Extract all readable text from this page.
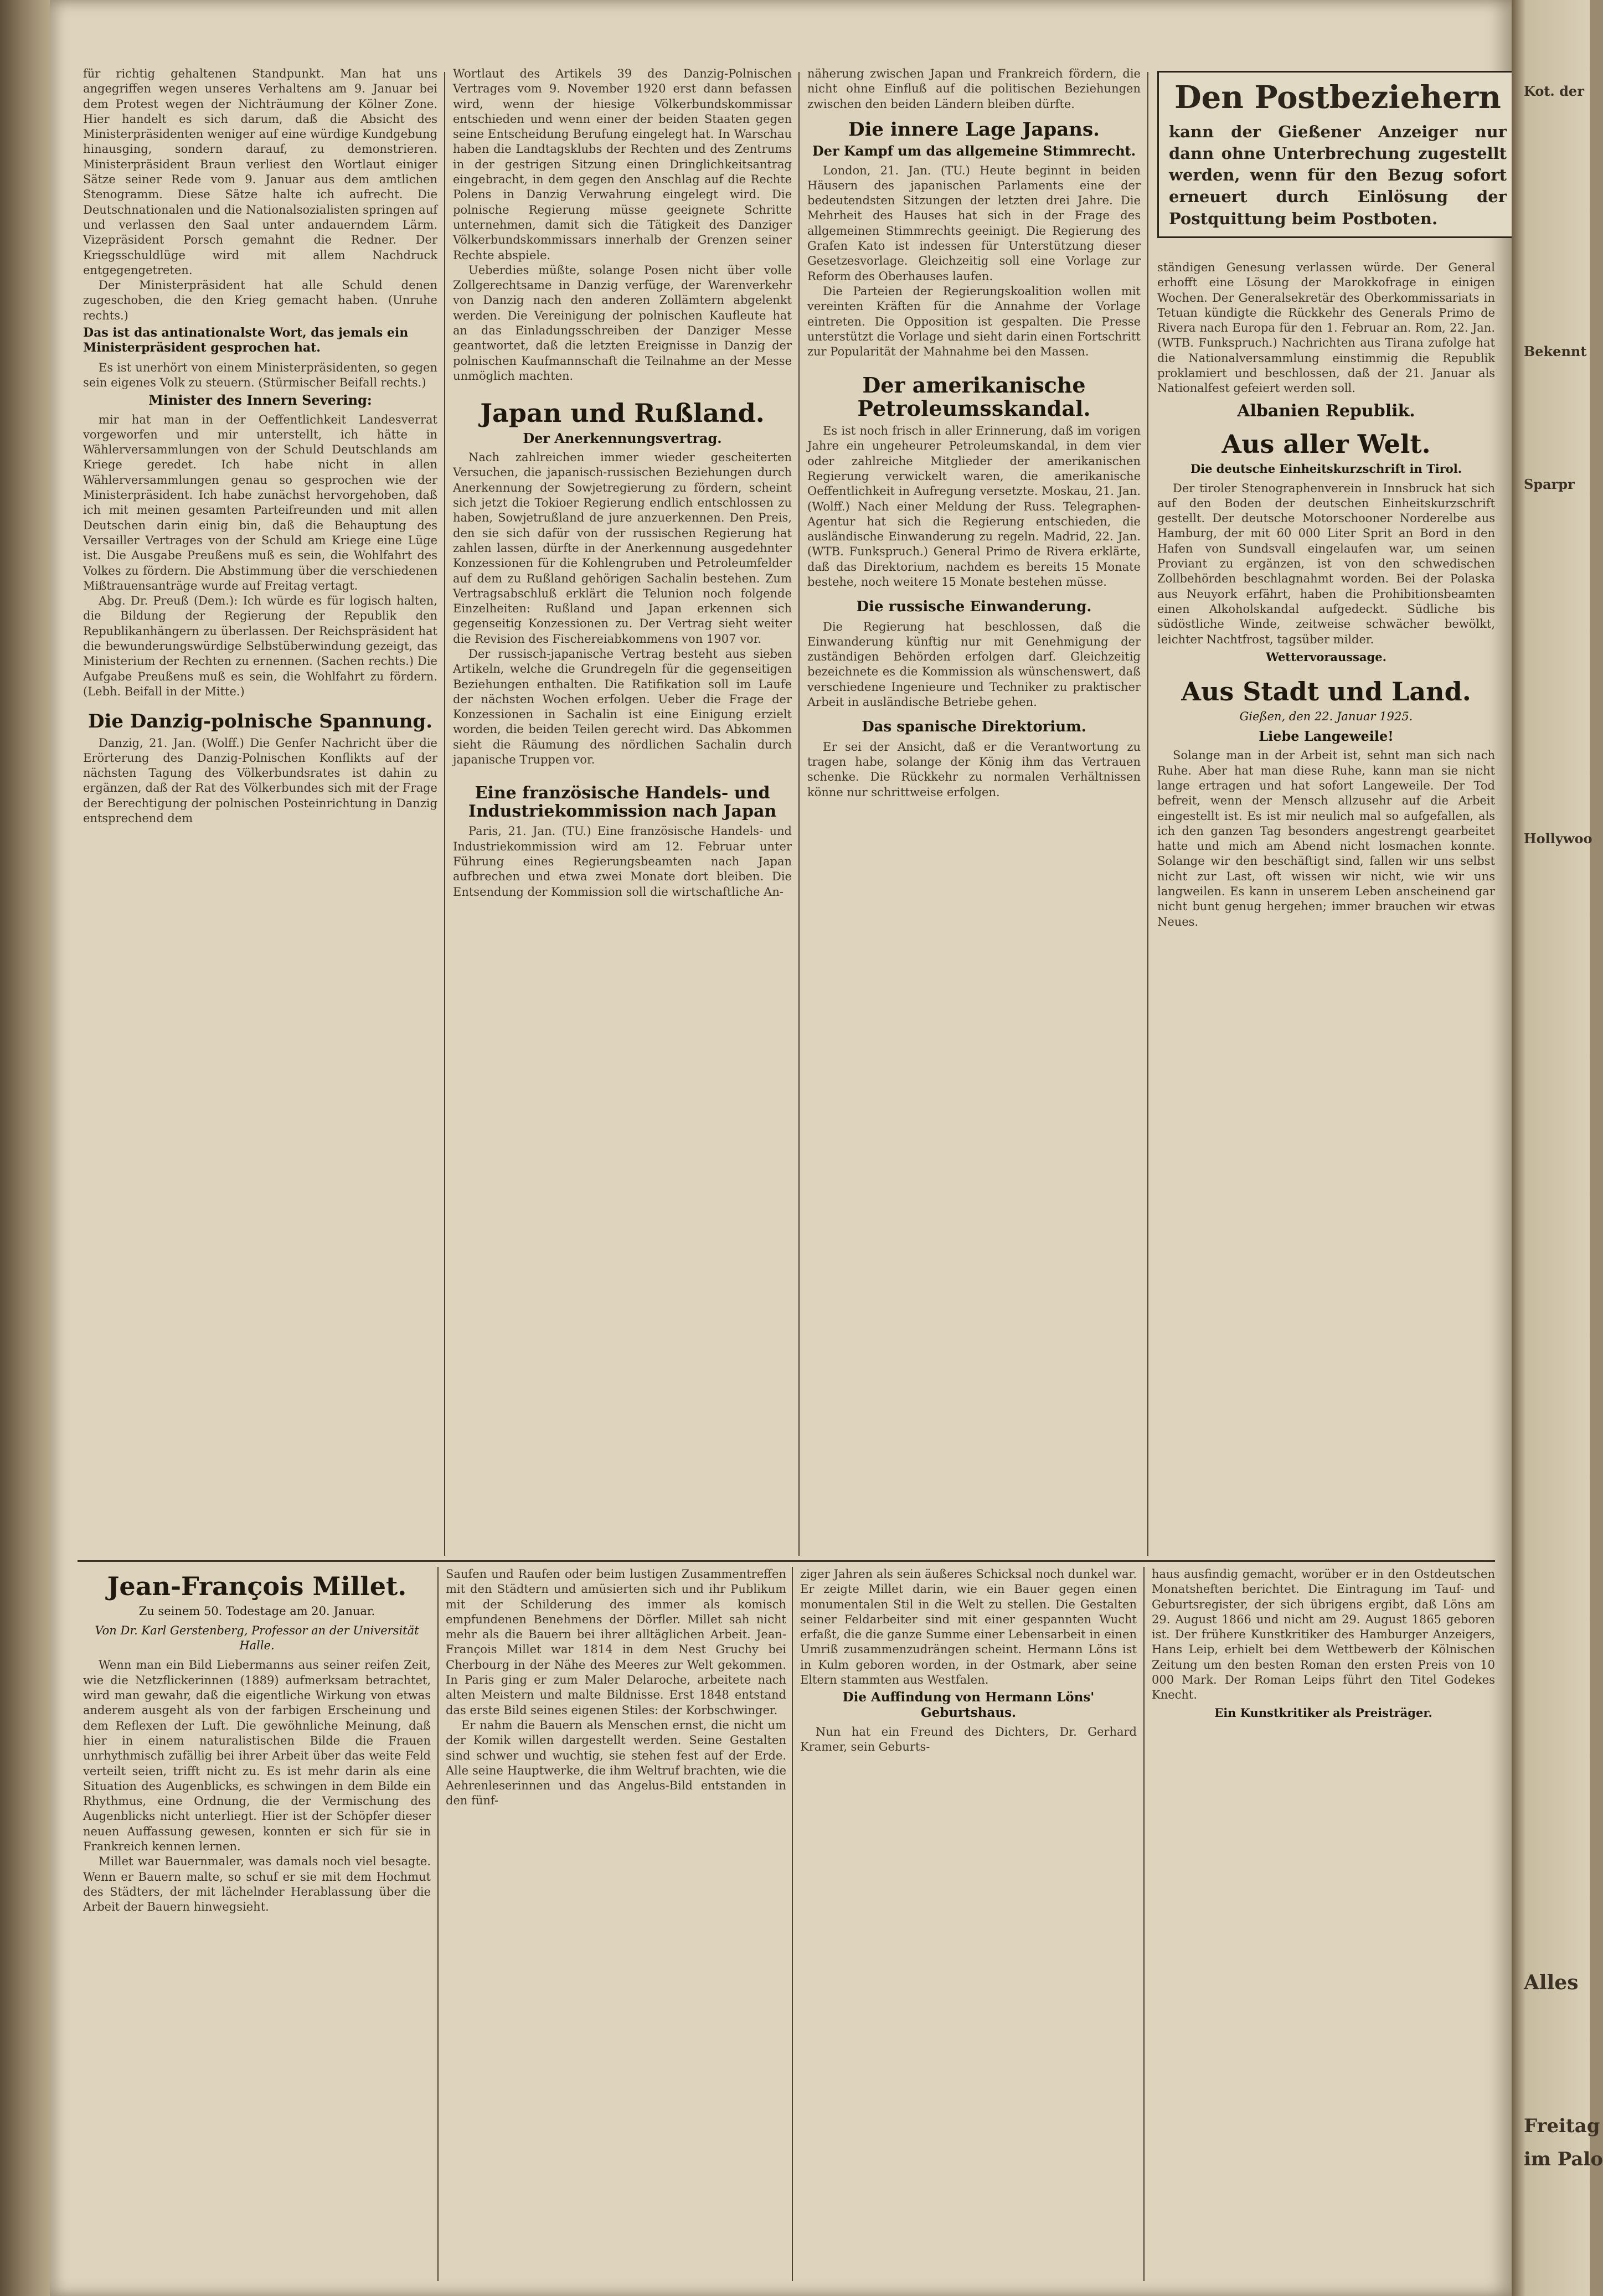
für richtig gehaltenen Standpunkt. Man hat uns angegriffen wegen unseres Verhaltens am 9. Januar bei dem Protest wegen der Nichträumung der Kölner Zone. Hier handelt es sich darum, daß die Absicht des Ministerpräsidenten weniger auf eine würdige Kundgebung hinausging, sondern darauf, zu demonstrieren. Ministerpräsident Braun verliest den Wortlaut einiger Sätze seiner Rede vom 9. Januar aus dem amtlichen Stenogramm. Diese Sätze halte ich aufrecht. Die Deutschnationalen und die Nationalsozialisten springen auf und verlassen den Saal unter andauerndem Lärm. Vizepräsident Porsch gemahnt die Redner. Der Kriegsschuldlüge wird mit allem Nachdruck entgegengetreten.

Der Ministerpräsident hat alle Schuld denen zugeschoben, die den Krieg gemacht haben. (Unruhe rechts.)

Das ist das antinationalste Wort, das jemals ein Ministerpräsident gesprochen hat.

Es ist unerhört von einem Ministerpräsidenten, so gegen sein eigenes Volk zu steuern. (Stürmischer Beifall rechts.)

Minister des Innern Severing:

mir hat man in der Oeffentlichkeit Landesverrat vorgeworfen und mir unterstellt, ich hätte in Wählerversammlungen von der Schuld Deutschlands am Kriege geredet. Ich habe nicht in allen Wählerversammlungen genau so gesprochen wie der Ministerpräsident. Ich habe zunächst hervorgehoben, daß ich mit meinen gesamten Parteifreunden und mit allen Deutschen darin einig bin, daß die Behauptung des Versailler Vertrages von der Schuld am Kriege eine Lüge ist. Die Ausgabe Preußens muß es sein, die Wohlfahrt des Volkes zu fördern. Die Abstimmung über die verschiedenen Mißtrauensanträge wurde auf Freitag vertagt.

Abg. Dr. Preuß (Dem.): Ich würde es für logisch halten, die Bildung der Regierung der Republik den Republikanhängern zu überlassen. Der Reichspräsident hat die bewunderungswürdige Selbstüberwindung gezeigt, das Ministerium der Rechten zu ernennen. (Sachen rechts.) Die Aufgabe Preußens muß es sein, die Wohlfahrt zu fördern. (Lebh. Beifall in der Mitte.)

Die Danzig-polnische Spannung.

Danzig, 21. Jan. (Wolff.) Die Genfer Nachricht über die Erörterung des Danzig-Polnischen Konflikts auf der nächsten Tagung des Völkerbundsrates ist dahin zu ergänzen, daß der Rat des Völkerbundes sich mit der Frage der Berechtigung der polnischen Posteinrichtung in Danzig entsprechend dem

Wortlaut des Artikels 39 des Danzig-Polnischen Vertrages vom 9. November 1920 erst dann befassen wird, wenn der hiesige Völkerbundskommissar entschieden und wenn einer der beiden Staaten gegen seine Entscheidung Berufung eingelegt hat. In Warschau haben die Landtagsklubs der Rechten und des Zentrums in der gestrigen Sitzung einen Dringlichkeitsantrag eingebracht, in dem gegen den Anschlag auf die Rechte Polens in Danzig Verwahrung eingelegt wird. Die polnische Regierung müsse geeignete Schritte unternehmen, damit sich die Tätigkeit des Danziger Völkerbundskommissars innerhalb der Grenzen seiner Rechte abspiele.

Ueberdies müßte, solange Posen nicht über volle Zollgerechtsame in Danzig verfüge, der Warenverkehr von Danzig nach den anderen Zollämtern abgelenkt werden. Die Vereinigung der polnischen Kaufleute hat an das Einladungsschreiben der Danziger Messe geantwortet, daß die letzten Ereignisse in Danzig der polnischen Kaufmannschaft die Teilnahme an der Messe unmöglich machten.

Japan und Rußland.
Der Anerkennungsvertrag.

Nach zahlreichen immer wieder gescheiterten Versuchen, die japanisch-russischen Beziehungen durch Anerkennung der Sowjetregierung zu fördern, scheint sich jetzt die Tokioer Regierung endlich entschlossen zu haben, Sowjetrußland de jure anzuerkennen. Den Preis, den sie sich dafür von der russischen Regierung hat zahlen lassen, dürfte in der Anerkennung ausgedehnter Konzessionen für die Kohlengruben und Petroleumfelder auf dem zu Rußland gehörigen Sachalin bestehen. Zum Vertragsabschluß erklärt die Telunion noch folgende Einzelheiten: Rußland und Japan erkennen sich gegenseitig Konzessionen zu. Der Vertrag sieht weiter die Revision des Fischereiabkommens von 1907 vor.

Der russisch-japanische Vertrag besteht aus sieben Artikeln, welche die Grundregeln für die gegenseitigen Beziehungen enthalten. Die Ratifikation soll im Laufe der nächsten Wochen erfolgen. Ueber die Frage der Konzessionen in Sachalin ist eine Einigung erzielt worden, die beiden Teilen gerecht wird. Das Abkommen sieht die Räumung des nördlichen Sachalin durch japanische Truppen vor.

Eine französische Handels- und Industriekommission nach Japan

Paris, 21. Jan. (TU.) Eine französische Handels- und Industriekommission wird am 12. Februar unter Führung eines Regierungsbeamten nach Japan aufbrechen und etwa zwei Monate dort bleiben. Die Entsendung der Kommission soll die wirtschaftliche An-

näherung zwischen Japan und Frankreich fördern, die nicht ohne Einfluß auf die politischen Beziehungen zwischen den beiden Ländern bleiben dürfte.

Die innere Lage Japans.
Der Kampf um das allgemeine Stimmrecht.

London, 21. Jan. (TU.) Heute beginnt in beiden Häusern des japanischen Parlaments eine der bedeutendsten Sitzungen der letzten drei Jahre. Die Mehrheit des Hauses hat sich in der Frage des allgemeinen Stimmrechts geeinigt. Die Regierung des Grafen Kato ist indessen für Unterstützung dieser Gesetzesvorlage. Gleichzeitig soll eine Vorlage zur Reform des Oberhauses laufen.

Die Parteien der Regierungskoalition wollen mit vereinten Kräften für die Annahme der Vorlage eintreten. Die Opposition ist gespalten. Die Presse unterstützt die Vorlage und sieht darin einen Fortschritt zur Popularität der Mahnahme bei den Massen.

Der amerikanische Petroleumsskandal.

Es ist noch frisch in aller Erinnerung, daß im vorigen Jahre ein ungeheurer Petroleumskandal, in dem vier oder zahlreiche Mitglieder der amerikanischen Regierung verwickelt waren, die amerikanische Oeffentlichkeit in Aufregung versetzte. Moskau, 21. Jan. (Wolff.) Nach einer Meldung der Russ. Telegraphen-Agentur hat sich die Regierung entschieden, die ausländische Einwanderung zu regeln. Madrid, 22. Jan. (WTB. Funkspruch.) General Primo de Rivera erklärte, daß das Direktorium, nachdem es bereits 15 Monate bestehe, noch weitere 15 Monate bestehen müsse.

Die russische Einwanderung.

Die Regierung hat beschlossen, daß die Einwanderung künftig nur mit Genehmigung der zuständigen Behörden erfolgen darf. Gleichzeitig bezeichnete es die Kommission als wünschenswert, daß verschiedene Ingenieure und Techniker zu praktischer Arbeit in ausländische Betriebe gehen.

Das spanische Direktorium.

Er sei der Ansicht, daß er die Verantwortung zu tragen habe, solange der König ihm das Vertrauen schenke. Die Rückkehr zu normalen Verhältnissen könne nur schrittweise erfolgen.

Den Postbeziehern
kann der Gießener Anzeiger nur dann ohne Unterbrechung zugestellt werden, wenn für den Bezug sofort erneuert durch Einlösung der Postquittung beim Postboten.

ständigen Genesung verlassen würde. Der General erhofft eine Lösung der Marokkofrage in einigen Wochen. Der Generalsekretär des Oberkommissariats in Tetuan kündigte die Rückkehr des Generals Primo de Rivera nach Europa für den 1. Februar an. Rom, 22. Jan. (WTB. Funkspruch.) Nachrichten aus Tirana zufolge hat die Nationalversammlung einstimmig die Republik proklamiert und beschlossen, daß der 21. Januar als Nationalfest gefeiert werden soll.

Albanien Republik.
Aus aller Welt.
Die deutsche Einheitskurzschrift in Tirol.

Der tiroler Stenographenverein in Innsbruck hat sich auf den Boden der deutschen Einheitskurzschrift gestellt. Der deutsche Motorschooner Norderelbe aus Hamburg, der mit 60 000 Liter Sprit an Bord in den Hafen von Sundsvall eingelaufen war, um seinen Proviant zu ergänzen, ist von den schwedischen Zollbehörden beschlagnahmt worden. Bei der Polaska aus Neuyork erfährt, haben die Prohibitionsbeamten einen Alkoholskandal aufgedeckt. Südliche bis südöstliche Winde, zeitweise schwächer bewölkt, leichter Nachtfrost, tagsüber milder.

Wettervoraussage.
Aus Stadt und Land.
Gießen, den 22. Januar 1925.
Liebe Langeweile!

Solange man in der Arbeit ist, sehnt man sich nach Ruhe. Aber hat man diese Ruhe, kann man sie nicht lange ertragen und hat sofort Langeweile. Der Tod befreit, wenn der Mensch allzusehr auf die Arbeit eingestellt ist. Es ist mir neulich mal so aufgefallen, als ich den ganzen Tag besonders angestrengt gearbeitet hatte und mich am Abend nicht losmachen konnte. Solange wir den beschäftigt sind, fallen wir uns selbst nicht zur Last, oft wissen wir nicht, wie wir uns langweilen. Es kann in unserem Leben anscheinend gar nicht bunt genug hergehen; immer brauchen wir etwas Neues.

Jean-François Millet.
Zu seinem 50. Todestage am 20. Januar.
Von Dr. Karl Gerstenberg, Professor an der Universität Halle.

Wenn man ein Bild Liebermanns aus seiner reifen Zeit, wie die Netzflickerinnen (1889) aufmerksam betrachtet, wird man gewahr, daß die eigentliche Wirkung von etwas anderem ausgeht als von der farbigen Erscheinung und dem Reflexen der Luft. Die gewöhnliche Meinung, daß hier in einem naturalistischen Bilde die Frauen unrhythmisch zufällig bei ihrer Arbeit über das weite Feld verteilt seien, trifft nicht zu. Es ist mehr darin als eine Situation des Augenblicks, es schwingen in dem Bilde ein Rhythmus, eine Ordnung, die der Vermischung des Augenblicks nicht unterliegt. Hier ist der Schöpfer dieser neuen Auffassung gewesen, konnten er sich für sie in Frankreich kennen lernen.

Millet war Bauernmaler, was damals noch viel besagte. Wenn er Bauern malte, so schuf er sie mit dem Hochmut des Städters, der mit lächelnder Herablassung über die Arbeit der Bauern hinwegsieht.

Saufen und Raufen oder beim lustigen Zusammentreffen mit den Städtern und amüsierten sich und ihr Publikum mit der Schilderung des immer als komisch empfundenen Benehmens der Dörfler. Millet sah nicht mehr als die Bauern bei ihrer alltäglichen Arbeit. Jean-François Millet war 1814 in dem Nest Gruchy bei Cherbourg in der Nähe des Meeres zur Welt gekommen. In Paris ging er zum Maler Delaroche, arbeitete nach alten Meistern und malte Bildnisse. Erst 1848 entstand das erste Bild seines eigenen Stiles: der Korbschwinger.

Er nahm die Bauern als Menschen ernst, die nicht um der Komik willen dargestellt werden. Seine Gestalten sind schwer und wuchtig, sie stehen fest auf der Erde. Alle seine Hauptwerke, die ihm Weltruf brachten, wie die Aehrenleserinnen und das Angelus-Bild entstanden in den fünf-

ziger Jahren als sein äußeres Schicksal noch dunkel war. Er zeigte Millet darin, wie ein Bauer gegen einen monumentalen Stil in die Welt zu stellen. Die Gestalten seiner Feldarbeiter sind mit einer gespannten Wucht erfaßt, die die ganze Summe einer Lebensarbeit in einen Umriß zusammenzudrängen scheint. Hermann Löns ist in Kulm geboren worden, in der Ostmark, aber seine Eltern stammten aus Westfalen.

Die Auffindung von Hermann Löns' Geburtshaus.

Nun hat ein Freund des Dichters, Dr. Gerhard Kramer, sein Geburts-

haus ausfindig gemacht, worüber er in den Ostdeutschen Monatsheften berichtet. Die Eintragung im Tauf- und Geburtsregister, der sich übrigens ergibt, daß Löns am 29. August 1866 und nicht am 29. August 1865 geboren ist. Der frühere Kunstkritiker des Hamburger Anzeigers, Hans Leip, erhielt bei dem Wettbewerb der Kölnischen Zeitung um den besten Roman den ersten Preis von 10 000 Mark. Der Roman Leips führt den Titel Godekes Knecht.

Ein Kunstkritiker als Preisträger.
Kot. der
Bekennt
Sparpr
Hollywoo
Alles
Freitag
im Palo
